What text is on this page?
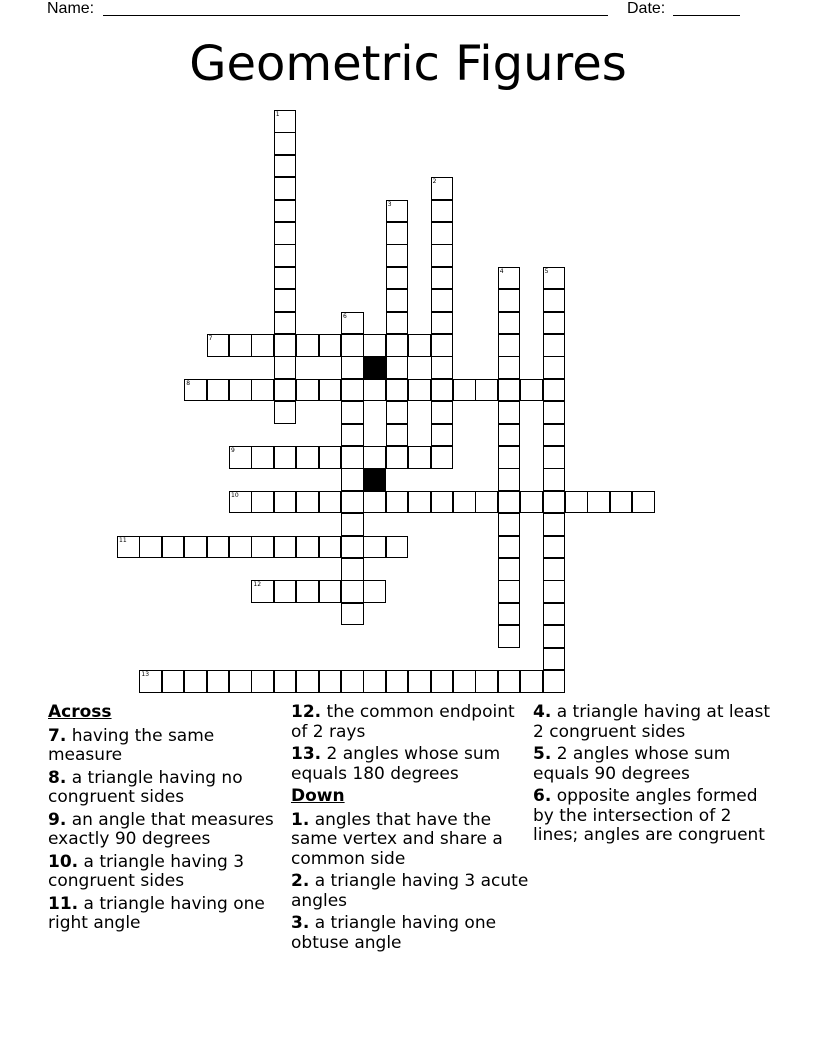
Name:	Date:
Geometric Figures
1
2
3
4	5
6
7
8
9
10
11
12
13
Across
7. having the same measure
8. a triangle having no congruent sides
9. an angle that measures exactly 90 degrees
10. a triangle having 3 congruent sides
11. a triangle having one right angle
12. the common endpoint of 2 rays
13. 2 angles whose sum equals 180 degrees
Down
1. angles that have the same vertex and share a common side
2. a triangle having 3 acute angles
3. a triangle having one obtuse angle
4. a triangle having at least 2 congruent sides
5. 2 angles whose sum equals 90 degrees
6. opposite angles formed by the intersection of 2 lines; angles are congruent
